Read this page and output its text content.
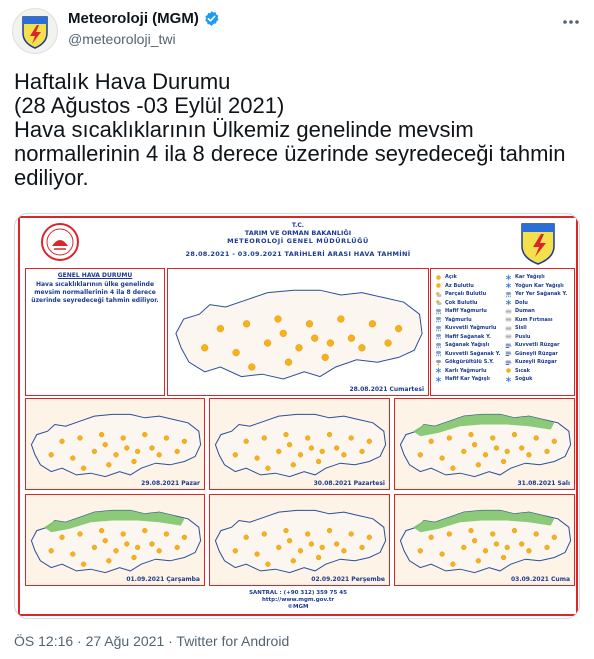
Meteoroloji (MGM)
@meteoroloji_twi

Haftalık Hava Durumu

(28 Ağustos -03 Eylül 2021)

Hava sıcaklıklarının Ülkemiz genelinde mevsim

normallerinin 4 ila 8 derece üzerinde seyredeceği tahmin

ediliyor.

T.C.
TARIM VE ORMAN BAKANLIĞI
METEOROLOJİ GENEL MÜDÜRLÜĞÜ
28.08.2021 - 03.09.2021 TARİHLERİ ARASI HAVA TAHMİNİ
GENEL HAVA DURUMU
Hava sıcaklıklarının ülke genelinde mevsim normallerinin 4 ila 8 derece üzerinde seyredeceği tahmin ediliyor.
28.08.2021 Cumartesi
Açık
Az Bulutlu
Parçalı Bulutlu
Çok Bulutlu
Hafif Yağmurlu
Yağmurlu
Kuvvetli Yağmurlu
Hafif Sağanak Y.
Sağanak Yağışlı
Kuvvetli Sağanak Y.
Gökgürültülü S.Y.
Karlı Yağmurlu
Hafif Kar Yağışlı
Kar Yağışlı
Yoğun Kar Yağışlı
Yer Yer Sağanak Y.
Dolu
Duman
Kum Fırtınası
Sisli
Puslu
Kuvvetli Rüzgar
Güneyli Rüzgar
Kuzeyli Rüzgar
Sıcak
Soğuk
29.08.2021 Pazar	30.08.2021 Pazartesi	31.08.2021 Salı
01.09.2021 Çarşamba	02.09.2021 Perşembe	03.09.2021 Cuma
SANTRAL : (+90 312) 359 75 45
http://www.mgm.gov.tr
©MGM
ÖS 12:16 · 27 Ağu 2021 · Twitter for Android
